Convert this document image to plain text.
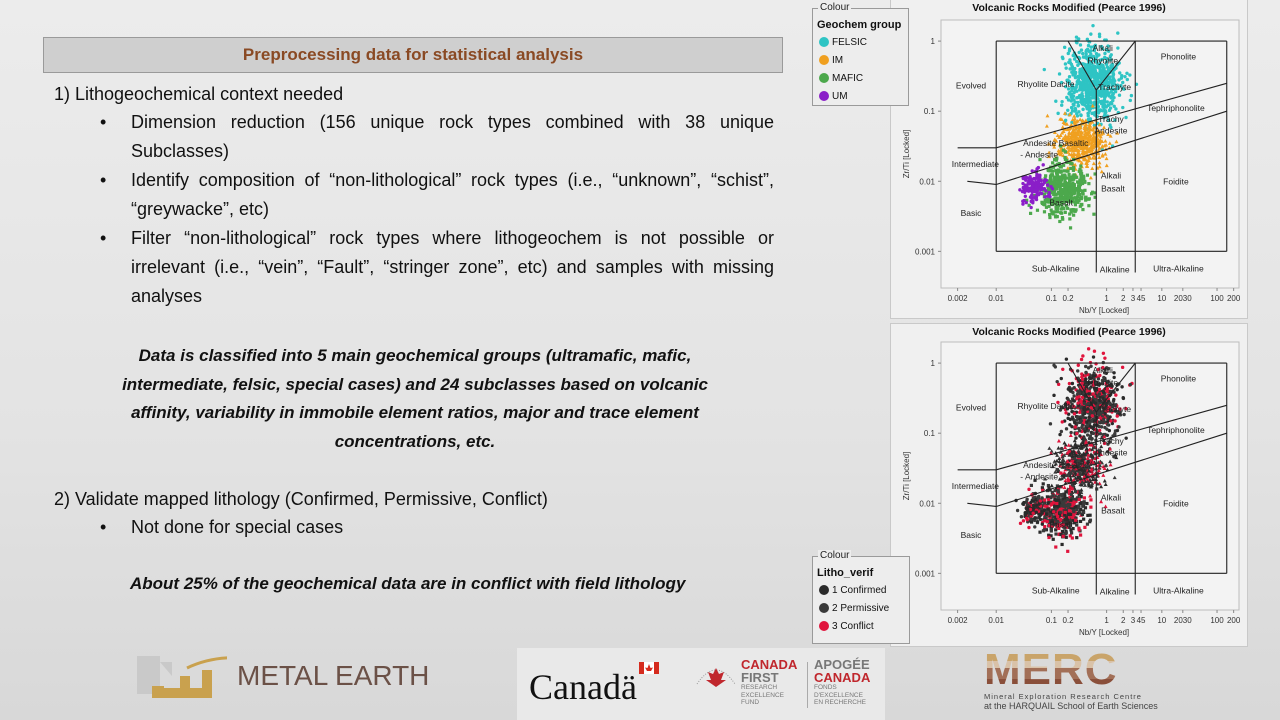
Preprocessing data for statistical analysis
1) Lithogeochemical context needed
• Dimension reduction (156 unique rock types combined with 38 unique Subclasses)
• Identify composition of “non-lithological” rock types (i.e., “unknown”, “schist”, “greywacke”, etc)
• Filter “non-lithological” rock types where lithogeochem is not possible or irrelevant (i.e., “vein”, “Fault”, “stringer zone”, etc) and samples with missing analyses
Data is classified into 5 main geochemical groups (ultramafic, mafic, intermediate, felsic, special cases) and 24 subclasses based on volcanic affinity, variability in immobile element ratios, major and trace element concentrations, etc.
2) Validate mapped lithology (Confirmed, Permissive, Conflict)
• Not done for special cases
About 25% of the geochemical data are in conflict with field lithology
Volcanic Rocks Modified (Pearce 1996)
1
0.1
0.01
0.001
0.002	0.01	0.1 0.2	1 2 3 45 10 2030 100 200
Nb/Y [Locked]
Zr/Ti [Locked]
Alkali
Rhyolite	Phonolite
Evolved	Rhyolite Dacite	Trachyte
Tephriphonolite
Trachy
Andesite
Andesite Basaltic
- Andesite
Intermediate
Alkali
Basalt
Foidite
Basalt
Basic
Sub-Alkaline Alkaline	Ultra-Alkaline
Colour
Geochem group
FELSIC
IM
MAFIC
UM
Volcanic Rocks Modified (Pearce 1996)
1
0.1
0.01
0.001
0.002	0.01	0.1 0.2	1 2 3 45 10 2030 100 200
Nb/Y [Locked]
Zr/Ti [Locked]
Alkali
Rhyolite	Phonolite
Evolved	Rhyolite Dacite	Trachyte
Tephriphonolite
Trachy
Andesite
Andesite Basaltic
- Andesite
Intermediate
Alkali
Basalt
Foidite
Basalt
Basic
Sub-Alkaline Alkaline	Ultra-Alkaline
Colour
Litho_verif
1 Confirmed
2 Permissive
3 Conflict
METAL EARTH	Canadä
CANADA
FIRST
RESEARCH
EXCELLENCE
FUND
APOGÉE
CANADA
FONDS
D'EXCELLENCE
EN RECHERCHE
MERC
Mineral Exploration Research Centre
at the HARQUAIL School of Earth Sciences
